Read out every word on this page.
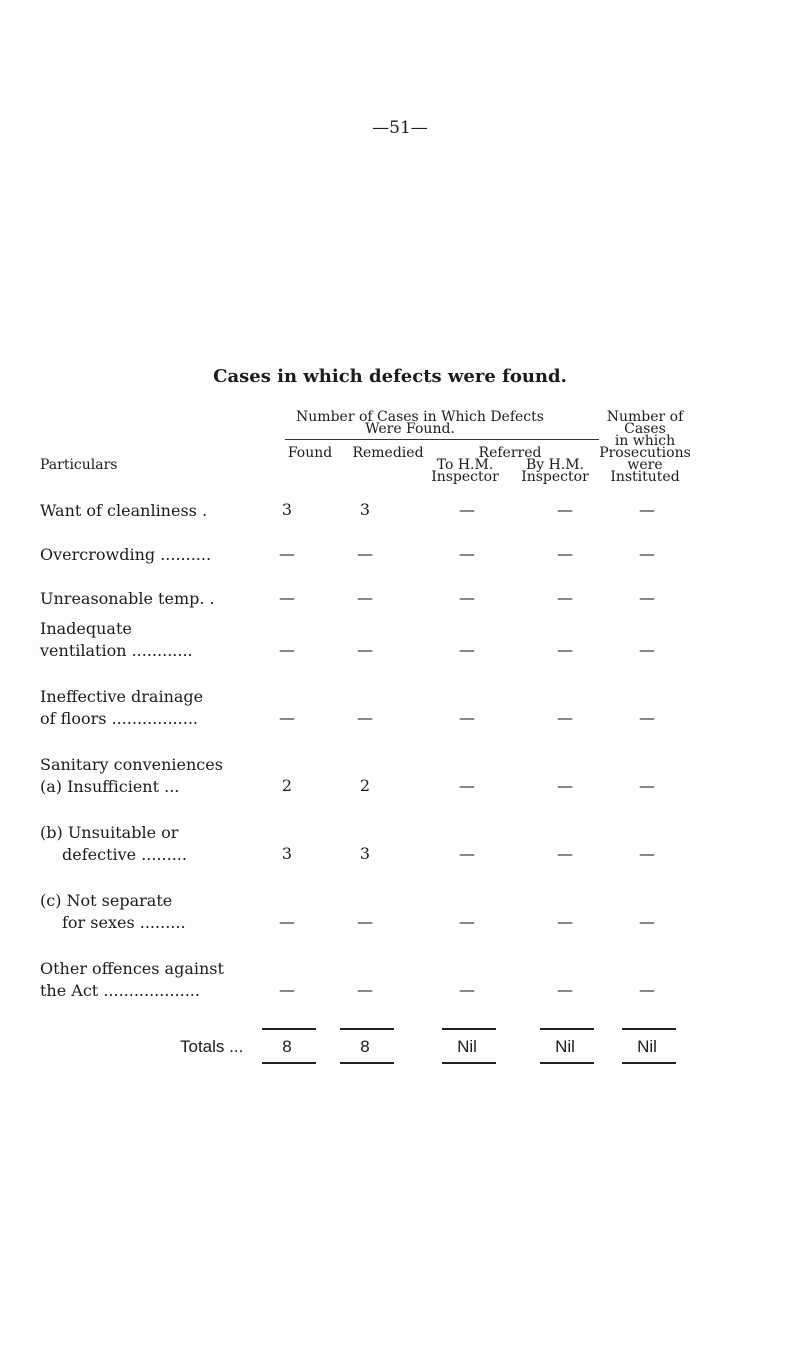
—51—
Cases in which defects were found.
Number of Cases in Which Defects
Were Found.
Particulars
Found	Remedied	Referred
To H.M.
Inspector
By H.M.
Inspector
Number of
Cases
in which
Prosecutions
were
Instituted
Want of cleanliness .	3	3	—	—	—
Overcrowding ..........	—	—	—	—	—
Unreasonable temp. .	—	—	—	—	—
Inadequate
ventilation ............	—	—	—	—	—
Ineffective drainage
of floors .................	—	—	—	—	—
Sanitary conveniences
(a) Insufficient ...	2	2	—	—	—
(b) Unsuitable or
defective .........	3	3	—	—	—
(c) Not separate
for sexes .........	—	—	—	—	—
Other offences against
the Act ...................	—	—	—	—	—
Totals ...	8	8	Nil	Nil	Nil
